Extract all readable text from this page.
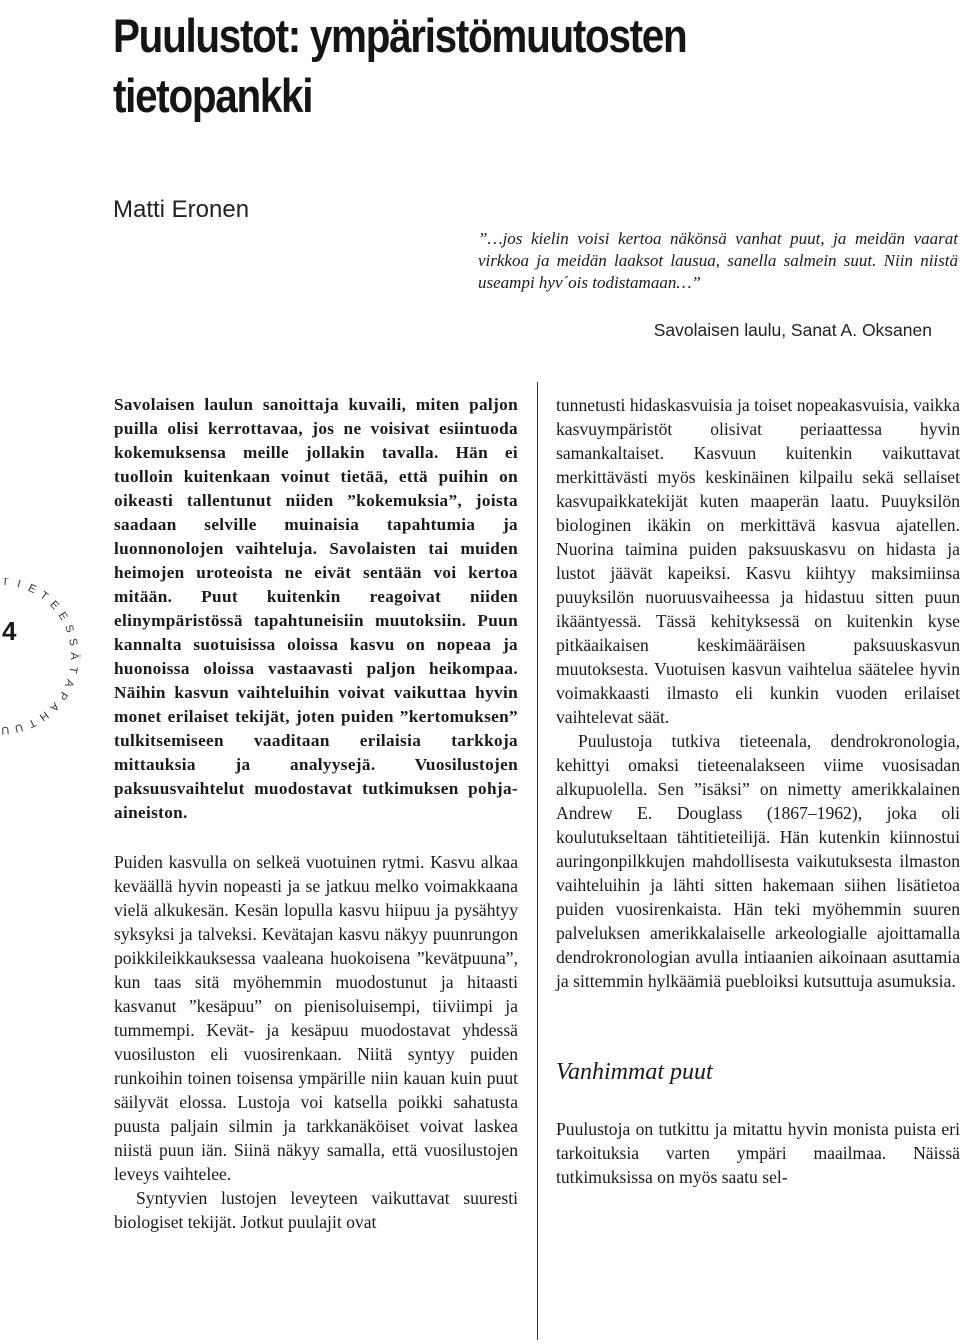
Puulustot: ympäristömuutosten tietopankki
Matti Eronen

”…jos kielin voisi kertoa näkönsä vanhat puut, ja meidän vaarat virkkoa ja meidän laaksot lausua, sanella salmein suut. Niin niistä useampi hyv´ois todistamaan…”

Savolaisen laulu, Sanat A. Oksanen

T I E
T
E
E
S
S
Ä
T
A
P
A
H
T
U
U
4

Savolaisen laulun sanoittaja kuvaili, miten paljon puilla olisi kerrottavaa, jos ne voisivat esiintuoda kokemuksensa meille jollakin tavalla. Hän ei tuolloin kuitenkaan voinut tietää, että puihin on oikeasti tallentunut niiden ”kokemuksia”, joista saadaan selville muinaisia tapahtumia ja luonnonolojen vaihteluja. Savolaisten tai muiden heimojen uroteoista ne eivät sentään voi kertoa mitään. Puut kuitenkin reagoivat niiden elinympäristössä tapahtuneisiin muutoksiin. Puun kannalta suotuisissa oloissa kasvu on nopeaa ja huonoissa oloissa vastaavasti paljon heikompaa. Näihin kasvun vaihteluihin voivat vaikuttaa hyvin monet erilaiset tekijät, joten puiden ”kertomuksen” tulkitsemiseen vaaditaan erilaisia tarkkoja mittauksia ja analyysejä. Vuosilustojen paksuusvaihtelut muodostavat tutkimuksen pohja-aineiston.

Puiden kasvulla on selkeä vuotuinen rytmi. Kasvu alkaa keväällä hyvin nopeasti ja se jatkuu melko voimakkaana vielä alkukesän. Kesän lopulla kasvu hiipuu ja pysähtyy syksyksi ja talveksi. Kevätajan kasvu näkyy puunrungon poikkileikkauksessa vaaleana huokoisena ”kevätpuuna”, kun taas sitä myöhemmin muodostunut ja hitaasti kasvanut ”kesäpuu” on pienisoluisempi, tiiviimpi ja tummempi. Kevät- ja kesäpuu muodostavat yhdessä vuosiluston eli vuosirenkaan. Niitä syntyy puiden runkoihin toinen toisensa ympärille niin kauan kuin puut säilyvät elossa. Lustoja voi katsella poikki sahatusta puusta paljain silmin ja tarkkanäköiset voivat laskea niistä puun iän. Siinä näkyy samalla, että vuosilustojen leveys vaihtelee.

Syntyvien lustojen leveyteen vaikuttavat suuresti biologiset tekijät. Jotkut puulajit ovat

tunnetusti hidaskasvuisia ja toiset nopeakasvuisia, vaikka kasvuympäristöt olisivat periaattessa hyvin samankaltaiset. Kasvuun kuitenkin vaikuttavat merkittävästi myös keskinäinen kilpailu sekä sellaiset kasvupaikkatekijät kuten maaperän laatu. Puuyksilön biologinen ikäkin on merkittävä kasvua ajatellen. Nuorina taimina puiden paksuuskasvu on hidasta ja lustot jäävät kapeiksi. Kasvu kiihtyy maksimiinsa puuyksilön nuoruusvaiheessa ja hidastuu sitten puun ikääntyessä. Tässä kehityksessä on kuitenkin kyse pitkäaikaisen keskimääräisen paksuuskasvun muutoksesta. Vuotuisen kasvun vaihtelua säätelee hyvin voimakkaasti ilmasto eli kunkin vuoden erilaiset vaihtelevat säät.

Puulustoja tutkiva tieteenala, dendrokronologia, kehittyi omaksi tieteenalakseen viime vuosisadan alkupuolella. Sen ”isäksi” on nimetty amerikkalainen Andrew E. Douglass (1867–1962), joka oli koulutukseltaan tähtitieteilijä. Hän kutenkin kiinnostui auringonpilkkujen mahdollisesta vaikutuksesta ilmaston vaihteluihin ja lähti sitten hakemaan siihen lisätietoa puiden vuosirenkaista. Hän teki myöhemmin suuren palveluksen amerikkalaiselle arkeologialle ajoittamalla dendrokronologian avulla intiaanien aikoinaan asuttamia ja sittemmin hylkäämiä puebloiksi kutsuttuja asumuksia.

Vanhimmat puut

Puulustoja on tutkittu ja mitattu hyvin monista puista eri tarkoituksia varten ympäri maailmaa. Näissä tutkimuksissa on myös saatu sel-
